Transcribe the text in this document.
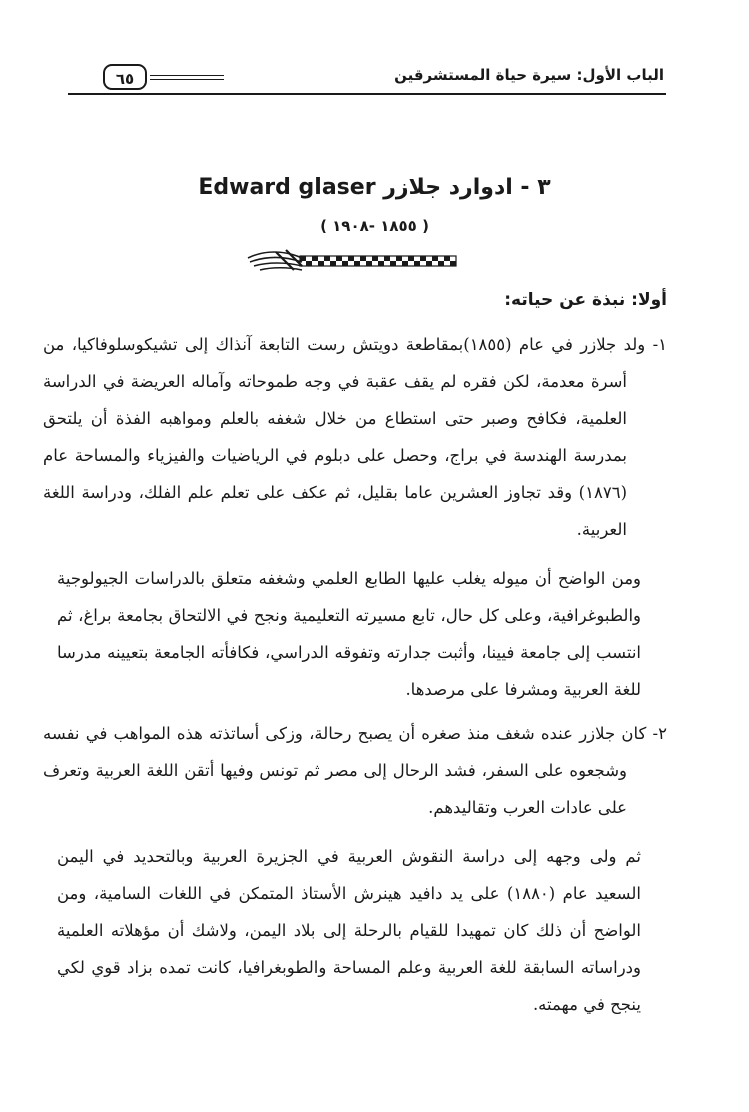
٦٥	الباب الأول: سيرة حياة المستشرقين
٣ - ادوارد جلازر Edward glaser
( ١٨٥٥ -١٩٠٨ )
أولا: نبذة عن حياته:

١- ولد جلازر في عام (١٨٥٥)بمقاطعة دويتش رست التابعة آنذاك إلى تشيكوسلوفاكيا، من أسرة معدمة، لكن فقره لم يقف عقبة في وجه طموحاته وآماله العريضة في الدراسة العلمية، فكافح وصبر حتى استطاع من خلال شغفه بالعلم ومواهبه الفذة أن يلتحق بمدرسة الهندسة في براج، وحصل على دبلوم في الرياضيات والفيزياء والمساحة عام (١٨٧٦) وقد تجاوز العشرين عاما بقليل، ثم عكف على تعلم علم الفلك، ودراسة اللغة العربية.

ومن الواضح أن ميوله يغلب عليها الطابع العلمي وشغفه متعلق بالدراسات الجيولوجية والطبوغرافية، وعلى كل حال، تابع مسيرته التعليمية ونجح في الالتحاق بجامعة براغ، ثم انتسب إلى جامعة فيينا، وأثبت جدارته وتفوقه الدراسي، فكافأته الجامعة بتعيينه مدرسا للغة العربية ومشرفا على مرصدها.

٢- كان جلازر عنده شغف منذ صغره أن يصبح رحالة، وزكى أساتذته هذه المواهب في نفسه وشجعوه على السفر، فشد الرحال إلى مصر ثم تونس وفيها أتقن اللغة العربية وتعرف على عادات العرب وتقاليدهم.

ثم ولى وجهه إلى دراسة النقوش العربية في الجزيرة العربية وبالتحديد في اليمن السعيد عام (١٨٨٠) على يد دافيد هينرش الأستاذ المتمكن في اللغات السامية، ومن الواضح أن ذلك كان تمهيدا للقيام بالرحلة إلى بلاد اليمن، ولاشك أن مؤهلاته العلمية ودراساته السابقة للغة العربية وعلم المساحة والطوبغرافيا، كانت تمده بزاد قوي لكي ينجح في مهمته.
